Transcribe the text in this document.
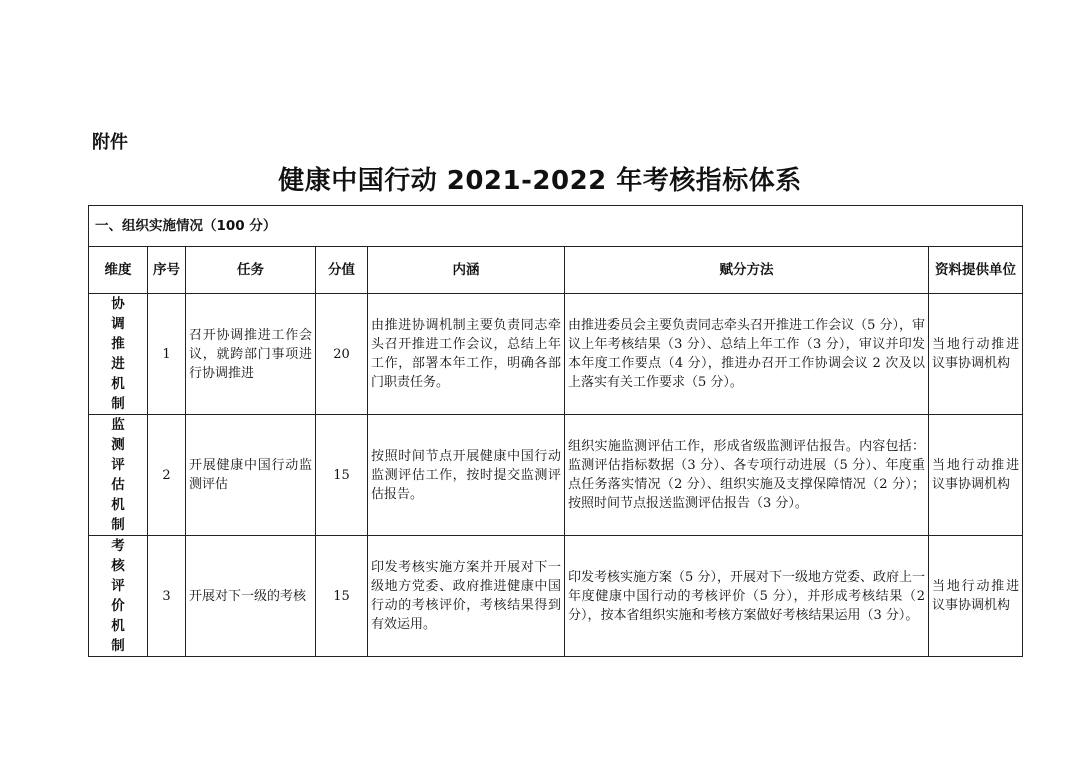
附件
健康中国行动 2021-2022 年考核指标体系
一、组织实施情况（100 分）						
维度	序号	任务	分值	内涵	赋分方法	资料提供单位
协调推进机制	1	召开协调推进工作会议，就跨部门事项进行协调推进	20	由推进协调机制主要负责同志牵头召开推进工作会议，总结上年工作，部署本年工作，明确各部门职责任务。	由推进委员会主要负责同志牵头召开推进工作会议（5 分），审议上年考核结果（3 分）、总结上年工作（3 分），审议并印发本年度工作要点（4 分），推进办召开工作协调会议 2 次及以上落实有关工作要求（5 分）。	当地行动推进议事协调机构
监测评估机制	2	开展健康中国行动监测评估	15	按照时间节点开展健康中国行动监测评估工作，按时提交监测评估报告。	组织实施监测评估工作，形成省级监测评估报告。内容包括：监测评估指标数据（3 分）、各专项行动进展（5 分）、年度重点任务落实情况（2 分）、组织实施及支撑保障情况（2 分）；按照时间节点报送监测评估报告（3 分）。	当地行动推进议事协调机构
考核评价机制	3	开展对下一级的考核	15	印发考核实施方案并开展对下一级地方党委、政府推进健康中国行动的考核评价，考核结果得到有效运用。	印发考核实施方案（5 分），开展对下一级地方党委、政府上一年度健康中国行动的考核评价（5 分），并形成考核结果（2 分），按本省组织实施和考核方案做好考核结果运用（3 分）。	当地行动推进议事协调机构
